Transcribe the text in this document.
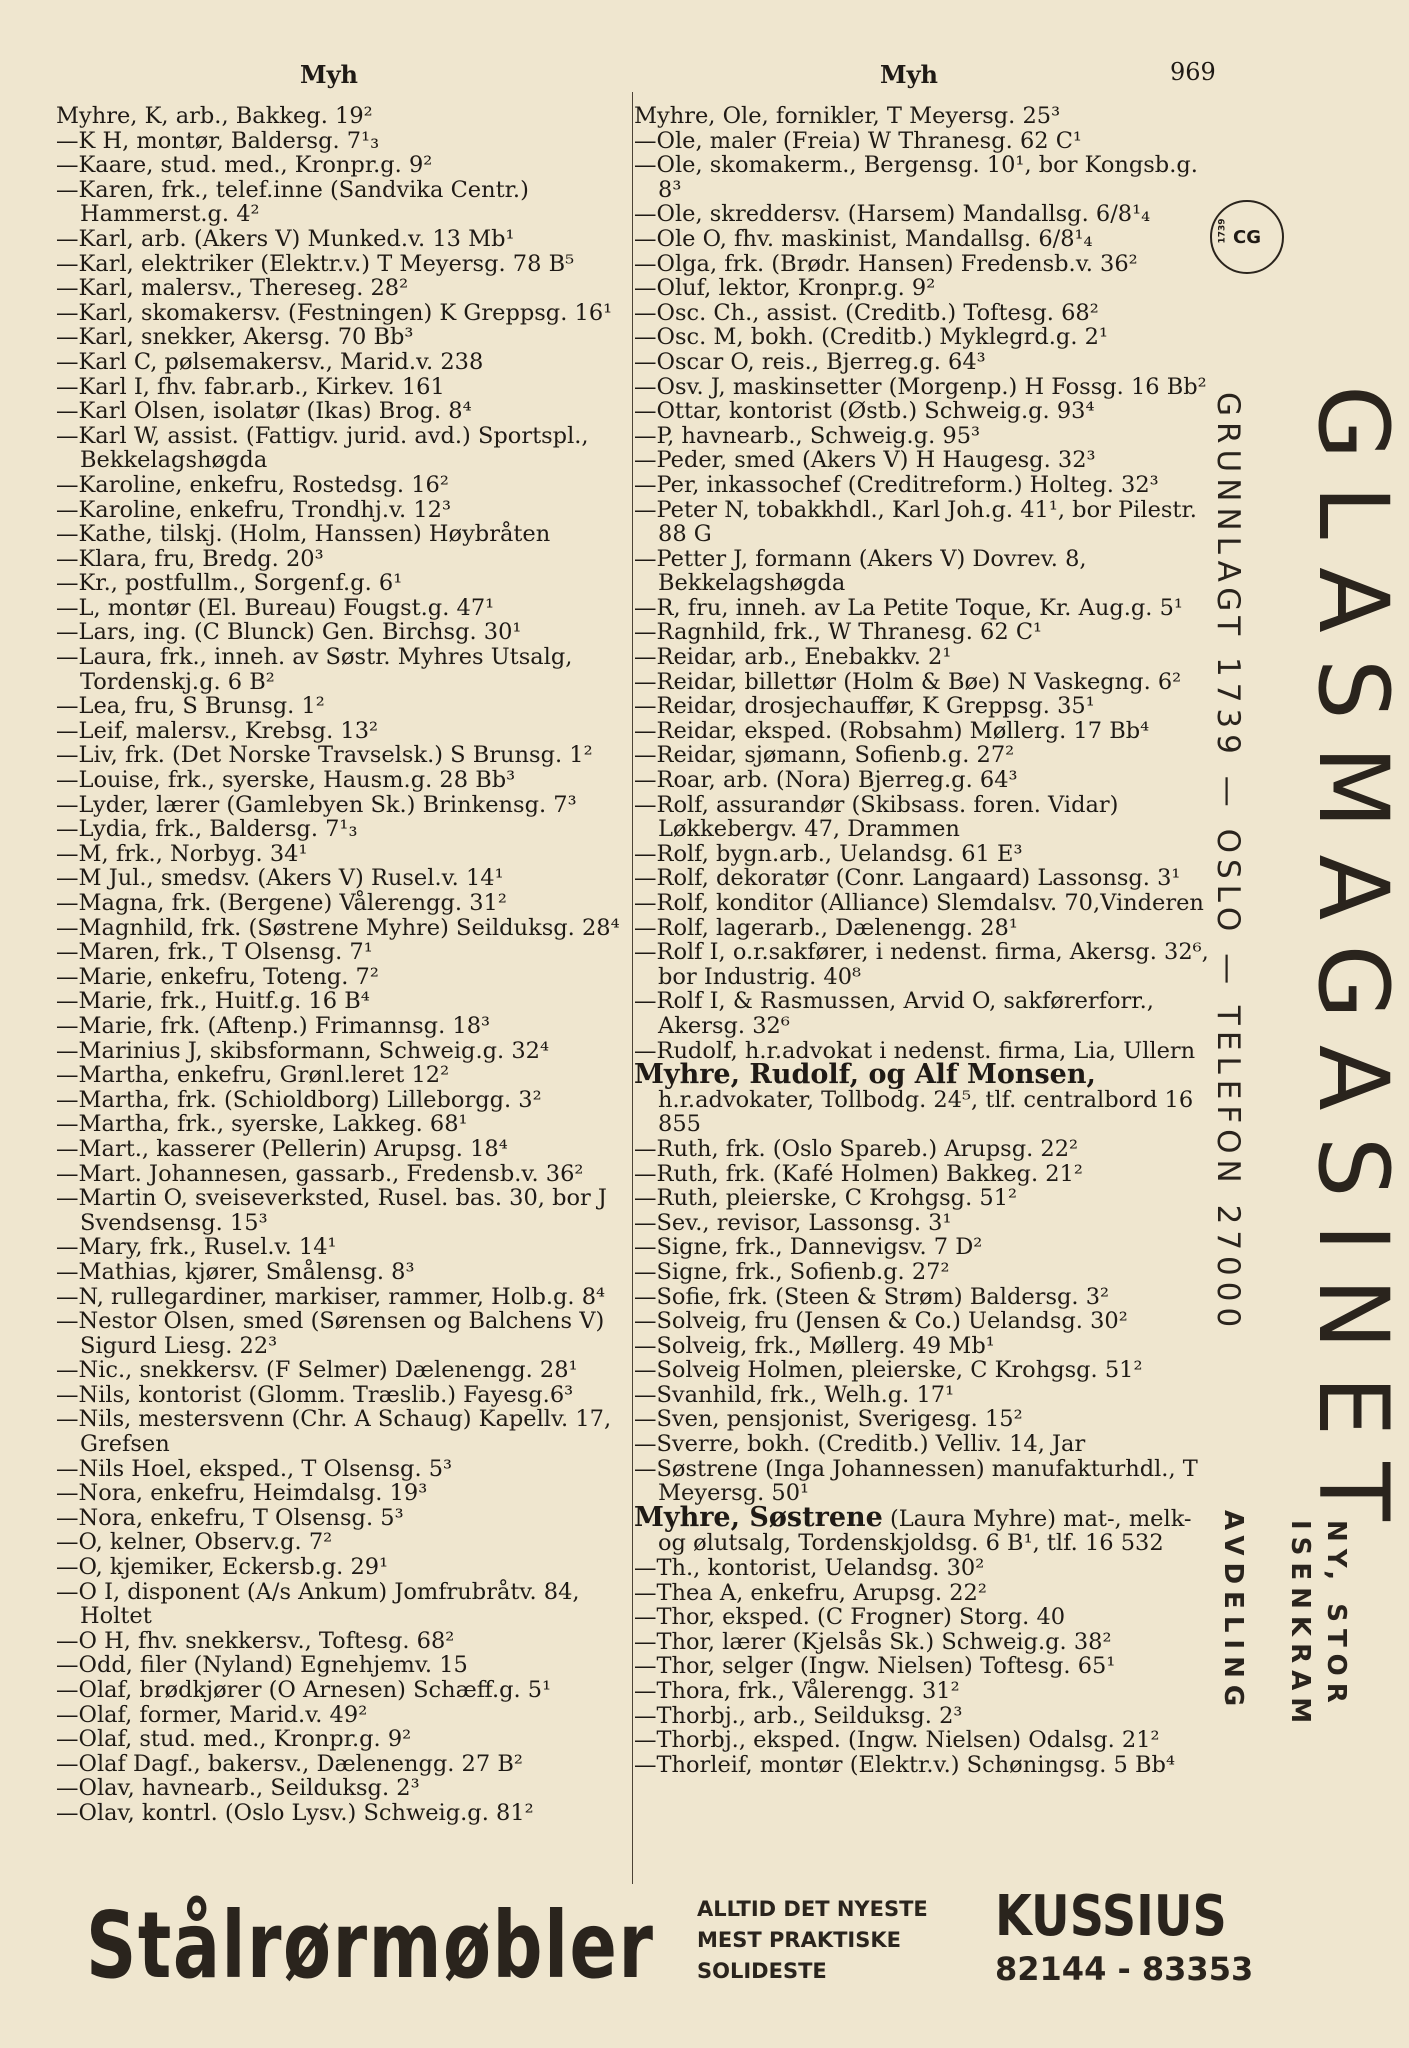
Myh	Myh	969
Myhre, K, arb., Bakkeg. 19²
—K H, montør, Baldersg. 7¹₃
—Kaare, stud. med., Kronpr.g. 9²
—Karen, frk., telef.inne (Sandvika Centr.) Hammerst.g. 4²
—Karl, arb. (Akers V) Munked.v. 13 Mb¹
—Karl, elektriker (Elektr.v.) T Meyersg. 78 B⁵
—Karl, malersv., Thereseg. 28²
—Karl, skomakersv. (Festningen) K Greppsg. 16¹
—Karl, snekker, Akersg. 70 Bb³
—Karl C, pølsemakersv., Marid.v. 238
—Karl I, fhv. fabr.arb., Kirkev. 161
—Karl Olsen, isolatør (Ikas) Brog. 8⁴
—Karl W, assist. (Fattigv. jurid. avd.) Sportspl., Bekkelagshøgda
—Karoline, enkefru, Rostedsg. 16²
—Karoline, enkefru, Trondhj.v. 12³
—Kathe, tilskj. (Holm, Hanssen) Høybråten
—Klara, fru, Bredg. 20³
—Kr., postfullm., Sorgenf.g. 6¹
—L, montør (El. Bureau) Fougst.g. 47¹
—Lars, ing. (C Blunck) Gen. Birchsg. 30¹
—Laura, frk., inneh. av Søstr. Myhres Utsalg, Tordenskj.g. 6 B²
—Lea, fru, S Brunsg. 1²
—Leif, malersv., Krebsg. 13²
—Liv, frk. (Det Norske Travselsk.) S Brunsg. 1²
—Louise, frk., syerske, Hausm.g. 28 Bb³
—Lyder, lærer (Gamlebyen Sk.) Brinkensg. 7³
—Lydia, frk., Baldersg. 7¹₃
—M, frk., Norbyg. 34¹
—M Jul., smedsv. (Akers V) Rusel.v. 14¹
—Magna, frk. (Bergene) Vålerengg. 31²
—Magnhild, frk. (Søstrene Myhre) Seilduksg. 28⁴
—Maren, frk., T Olsensg. 7¹
—Marie, enkefru, Toteng. 7²
—Marie, frk., Huitf.g. 16 B⁴
—Marie, frk. (Aftenp.) Frimannsg. 18³
—Marinius J, skibsformann, Schweig.g. 32⁴
—Martha, enkefru, Grønl.leret 12²
—Martha, frk. (Schioldborg) Lilleborgg. 3²
—Martha, frk., syerske, Lakkeg. 68¹
—Mart., kasserer (Pellerin) Arupsg. 18⁴
—Mart. Johannesen, gassarb., Fredensb.v. 36²
—Martin O, sveiseverksted, Rusel. bas. 30, bor J Svendsensg. 15³
—Mary, frk., Rusel.v. 14¹
—Mathias, kjører, Smålensg. 8³
—N, rullegardiner, markiser, rammer, Holb.g. 8⁴
—Nestor Olsen, smed (Sørensen og Balchens V) Sigurd Liesg. 22³
—Nic., snekkersv. (F Selmer) Dælenengg. 28¹
—Nils, kontorist (Glomm. Træslib.) Fayesg.6³
—Nils, mestersvenn (Chr. A Schaug) Kapellv. 17, Grefsen
—Nils Hoel, eksped., T Olsensg. 5³
—Nora, enkefru, Heimdalsg. 19³
—Nora, enkefru, T Olsensg. 5³
—O, kelner, Observ.g. 7²
—O, kjemiker, Eckersb.g. 29¹
—O I, disponent (A/s Ankum) Jomfrubråtv. 84, Holtet
—O H, fhv. snekkersv., Toftesg. 68²
—Odd, filer (Nyland) Egnehjemv. 15
—Olaf, brødkjører (O Arnesen) Schæff.g. 5¹
—Olaf, former, Marid.v. 49²
—Olaf, stud. med., Kronpr.g. 9²
—Olaf Dagf., bakersv., Dælenengg. 27 B²
—Olav, havnearb., Seilduksg. 2³
—Olav, kontrl. (Oslo Lysv.) Schweig.g. 81²
Myhre, Ole, fornikler, T Meyersg. 25³
—Ole, maler (Freia) W Thranesg. 62 C¹
—Ole, skomakerm., Bergensg. 10¹, bor Kongsb.g. 8³
—Ole, skreddersv. (Harsem) Mandallsg. 6/8¹₄
—Ole O, fhv. maskinist, Mandallsg. 6/8¹₄
—Olga, frk. (Brødr. Hansen) Fredensb.v. 36²
—Oluf, lektor, Kronpr.g. 9²
—Osc. Ch., assist. (Creditb.) Toftesg. 68²
—Osc. M, bokh. (Creditb.) Myklegrd.g. 2¹
—Oscar O, reis., Bjerreg.g. 64³
—Osv. J, maskinsetter (Morgenp.) H Fossg. 16 Bb²
—Ottar, kontorist (Østb.) Schweig.g. 93⁴
—P, havnearb., Schweig.g. 95³
—Peder, smed (Akers V) H Haugesg. 32³
—Per, inkassochef (Creditreform.) Holteg. 32³
—Peter N, tobakkhdl., Karl Joh.g. 41¹, bor Pilestr. 88 G
—Petter J, formann (Akers V) Dovrev. 8, Bekkelagshøgda
—R, fru, inneh. av La Petite Toque, Kr. Aug.g. 5¹
—Ragnhild, frk., W Thranesg. 62 C¹
—Reidar, arb., Enebakkv. 2¹
—Reidar, billettør (Holm & Bøe) N Vaskegng. 6²
—Reidar, drosjechauffør, K Greppsg. 35¹
—Reidar, eksped. (Robsahm) Møllerg. 17 Bb⁴
—Reidar, sjømann, Sofienb.g. 27²
—Roar, arb. (Nora) Bjerreg.g. 64³
—Rolf, assurandør (Skibsass. foren. Vidar) Løkkebergv. 47, Drammen
—Rolf, bygn.arb., Uelandsg. 61 E³
—Rolf, dekoratør (Conr. Langaard) Lassonsg. 3¹
—Rolf, konditor (Alliance) Slemdalsv. 70,Vinderen
—Rolf, lagerarb., Dælenengg. 28¹
—Rolf I, o.r.sakfører, i nedenst. firma, Akersg. 32⁶, bor Industrig. 40⁸
—Rolf I, & Rasmussen, Arvid O, sakførerforr., Akersg. 32⁶
—Rudolf, h.r.advokat i nedenst. firma, Lia, Ullern
Myhre, Rudolf, og Alf Monsen,
h.r.advokater, Tollbodg. 24⁵, tlf. centralbord 16 855
—Ruth, frk. (Oslo Spareb.) Arupsg. 22²
—Ruth, frk. (Kafé Holmen) Bakkeg. 21²
—Ruth, pleierske, C Krohgsg. 51²
—Sev., revisor, Lassonsg. 3¹
—Signe, frk., Dannevigsv. 7 D²
—Signe, frk., Sofienb.g. 27²
—Sofie, frk. (Steen & Strøm) Baldersg. 3²
—Solveig, fru (Jensen & Co.) Uelandsg. 30²
—Solveig, frk., Møllerg. 49 Mb¹
—Solveig Holmen, pleierske, C Krohgsg. 51²
—Svanhild, frk., Welh.g. 17¹
—Sven, pensjonist, Sverigesg. 15²
—Sverre, bokh. (Creditb.) Velliv. 14, Jar
—Søstrene (Inga Johannessen) manufakturhdl., T Meyersg. 50¹
Myhre, Søstrene (Laura Myhre) mat-, melk- og ølutsalg, Tordenskjoldsg. 6 B¹, tlf. 16 532
—Th., kontorist, Uelandsg. 30²
—Thea A, enkefru, Arupsg. 22²
—Thor, eksped. (C Frogner) Storg. 40
—Thor, lærer (Kjelsås Sk.) Schweig.g. 38²
—Thor, selger (Ingw. Nielsen) Toftesg. 65¹
—Thora, frk., Vålerengg. 31²
—Thorbj., arb., Seilduksg. 2³
—Thorbj., eksped. (Ingw. Nielsen) Odalsg. 21²
—Thorleif, montør (Elektr.v.) Schøningsg. 5 Bb⁴
CG
1739
GRUNNLAGT 1739 — OSLO — TELEFON 27000 GLASMAGASINET
NY, STOR
ISENKRAM
AVDELING
Stålrørmøbler ALLTID DET NYESTE
MEST PRAKTISKE
SOLIDESTE
KUSSIUS
82144 - 83353
